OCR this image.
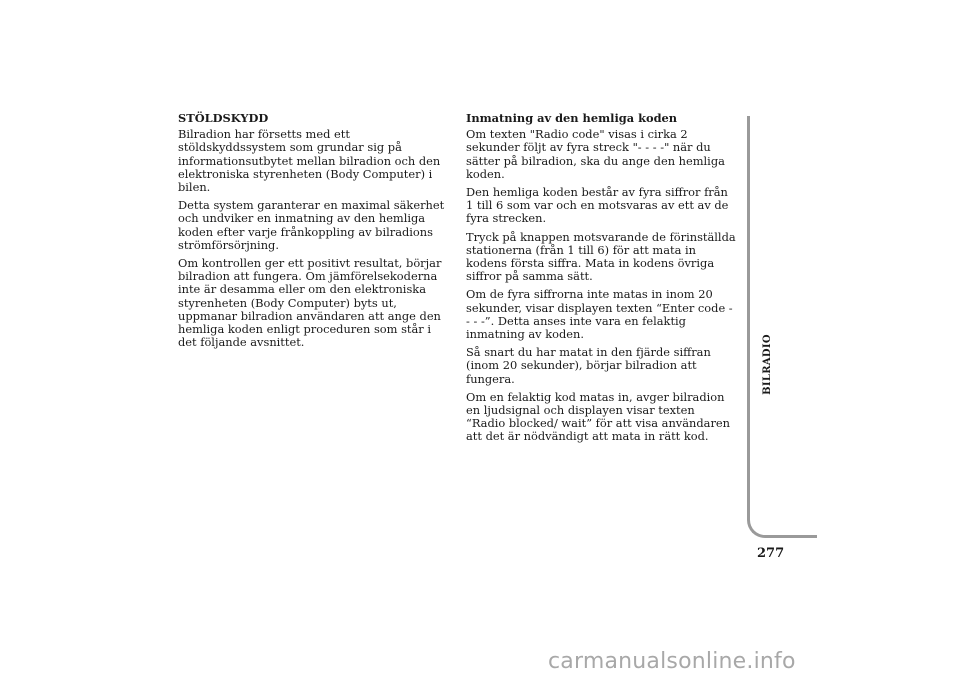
STÖLDSKYDD

Bilradion har försetts med ett stöldskyddssystem som grundar sig på informationsutbytet mellan bilradion och den elektroniska styrenheten (Body Computer) i bilen.

Detta system garanterar en maximal säkerhet och undviker en inmatning av den hemliga koden efter varje frånkoppling av bilradions strömförsörjning.

Om kontrollen ger ett positivt resultat, börjar bilradion att fungera. Om jämförelsekoderna inte är desamma eller om den elektroniska styrenheten (Body Computer) byts ut, uppmanar bilradion användaren att ange den hemliga koden enligt proceduren som står i det följande avsnittet.

Inmatning av den hemliga koden

Om texten "Radio code" visas i cirka 2 sekunder följt av fyra streck "- - - -" när du sätter på bilradion, ska du ange den hemliga koden.

Den hemliga koden består av fyra siffror från 1 till 6 som var och en motsvaras av ett av de fyra strecken.

Tryck på knappen motsvarande de förinställda stationerna (från 1 till 6) för att mata in kodens första siffra. Mata in kodens övriga siffror på samma sätt.

Om de fyra siffrorna inte matas in inom 20 sekunder, visar displayen texten “Enter code - - - -”. Detta anses inte vara en felaktig inmatning av koden.

Så snart du har matat in den fjärde siffran (inom 20 sekunder), börjar bilradion att fungera.

Om en felaktig kod matas in, avger bilradion en ljudsignal och displayen visar texten “Radio blocked/ wait” för att visa användaren att det är nödvändigt att mata in rätt kod.

BILRADIO
277
carmanualsonline.info
